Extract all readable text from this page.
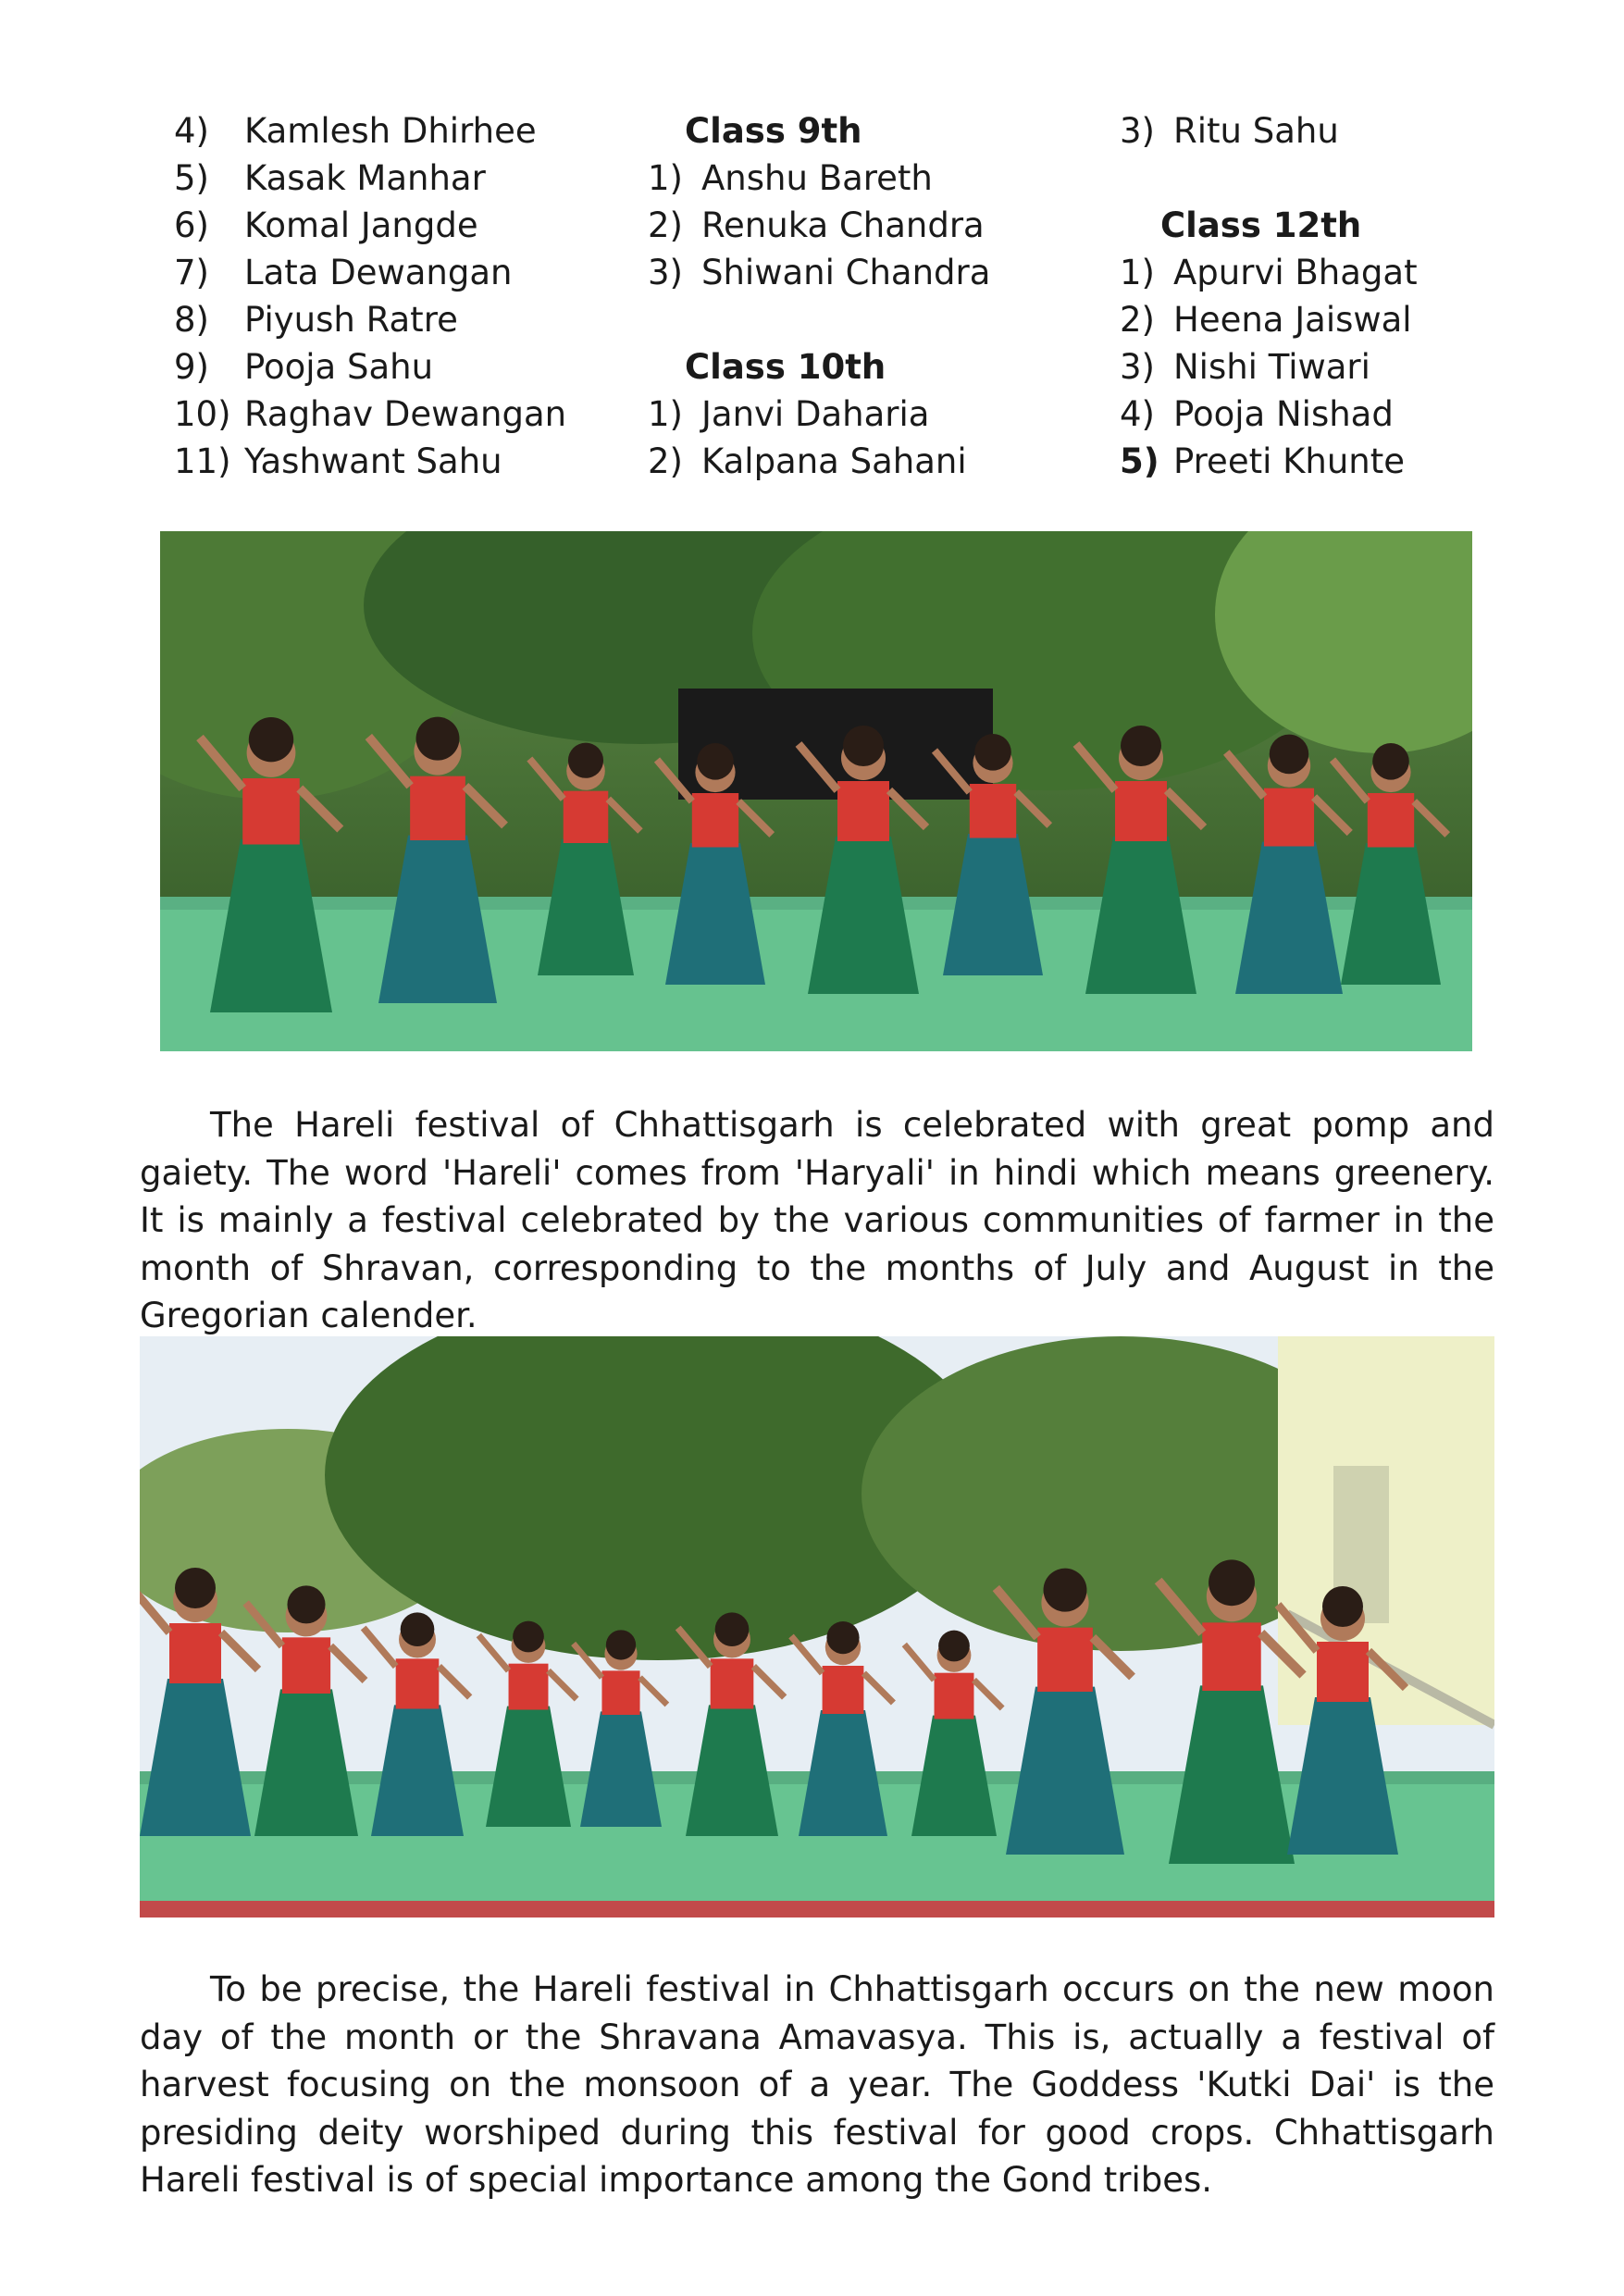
4) Kamlesh Dhirhee
5) Kasak Manhar
6) Komal Jangde
7) Lata Dewangan
8) Piyush Ratre
9) Pooja Sahu
10) Raghav Dewangan
11) Yashwant Sahu
Class 9th
1) Anshu Bareth
2) Renuka Chandra
3) Shiwani Chandra
Class 10th
1) Janvi Daharia
2) Kalpana Sahani
3) Ritu Sahu
Class 12th
1) Apurvi Bhagat
2) Heena Jaiswal
3) Nishi Tiwari
4) Pooja Nishad
5) Preeti Khunte

The Hareli festival of Chhattisgarh is celebrated with great pomp and gaiety. The word 'Hareli' comes from 'Haryali' in hindi which means greenery. It is mainly a festival celebrated by the various communities of farmer in the month of Shravan, corresponding to the months of July and August in the Gregorian calender.

To be precise, the Hareli festival in Chhattisgarh occurs on the new moon day of the month or the Shravana Amavasya. This is, actually a festival of harvest focusing on the monsoon of a year. The Goddess 'Kutki Dai' is the presiding deity worshiped during this festival for good crops. Chhattisgarh Hareli festival is of special importance among the Gond tribes.
